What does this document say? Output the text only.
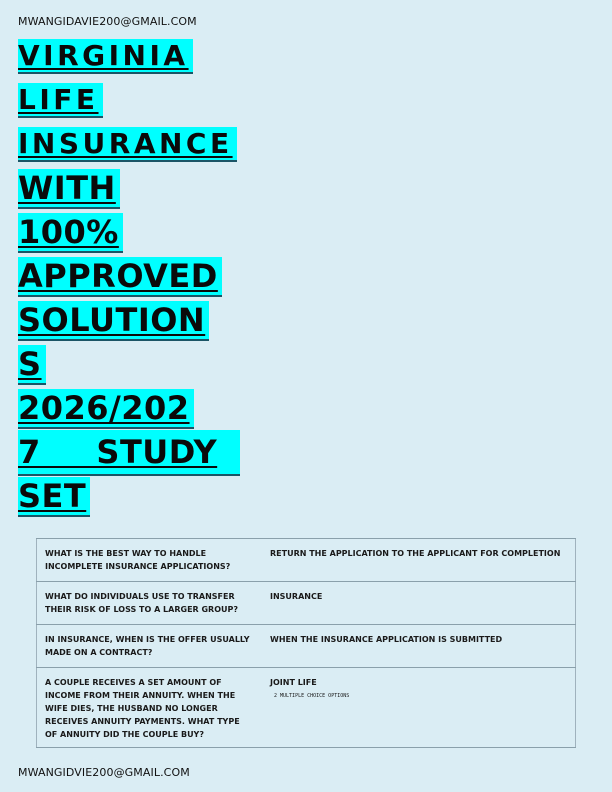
MWANGIDAVIE200@GMAIL.COM
VIRGINIA
LIFE
INSURANCE
WITH
100%
APPROVED
SOLUTION
S
2026/202
7 STUDY
SET
WHAT IS THE BEST WAY TO HANDLE INCOMPLETE INSURANCE APPLICATIONS?	RETURN THE APPLICATION TO THE APPLICANT FOR COMPLETION
WHAT DO INDIVIDUALS USE TO TRANSFER THEIR RISK OF LOSS TO A LARGER GROUP?	INSURANCE
IN INSURANCE, WHEN IS THE OFFER USUALLY MADE ON A CONTRACT?	WHEN THE INSURANCE APPLICATION IS SUBMITTED
A COUPLE RECEIVES A SET AMOUNT OF INCOME FROM THEIR ANNUITY. WHEN THE WIFE DIES, THE HUSBAND NO LONGER RECEIVES ANNUITY PAYMENTS. WHAT TYPE OF ANNUITY DID THE COUPLE BUY?	JOINT LIFE
2 MULTIPLE CHOICE OPTIONS
MWANGIDVIE200@GMAIL.COM
